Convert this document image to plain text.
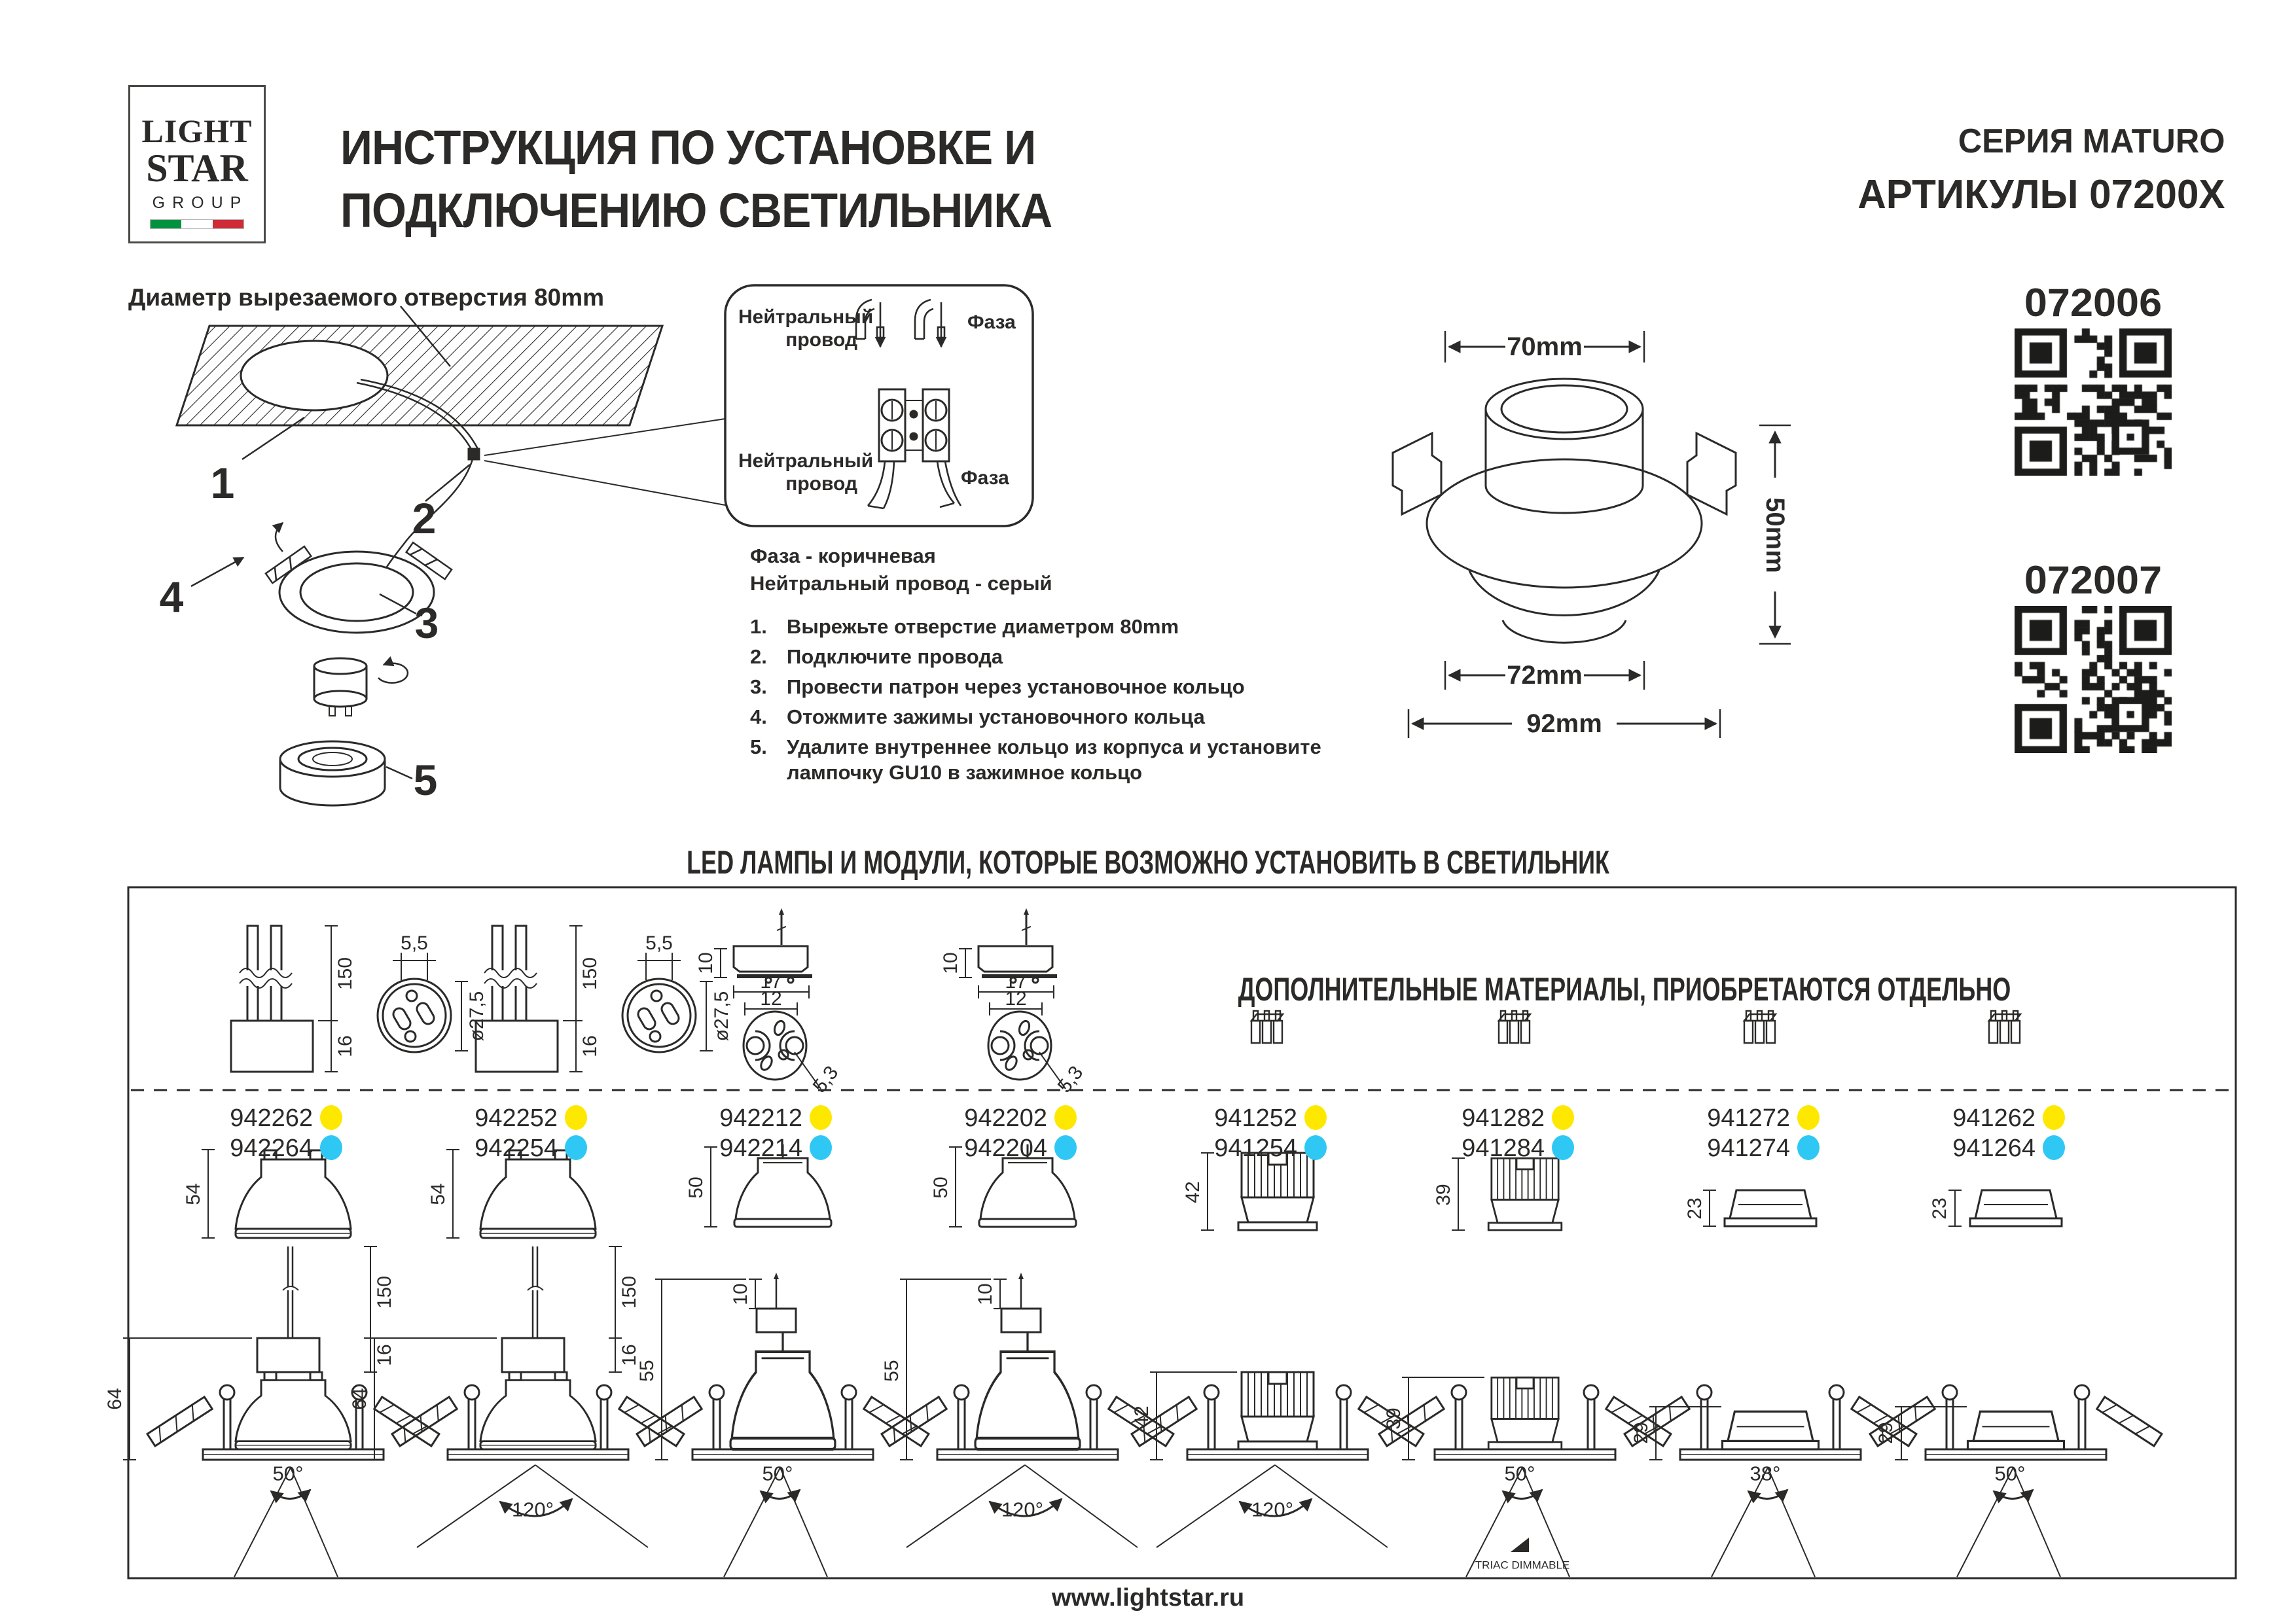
LIGHT
STAR
GROUP
ИНСТРУКЦИЯ ПО УСТАНОВКЕ И
ПОДКЛЮЧЕНИЮ СВЕТИЛЬНИКА
СЕРИЯ MATURO
АРТИКУЛЫ 07200X
Диаметр вырезаемого отверстия 80mm
1
2
3
4
5
Нейтральный провод
Фаза
Нейтральный провод	Фаза
Фаза - коричневая
Нейтральный провод - серый
1. Вырежьте отверстие диаметром 80mm
2. Подключите провода
3. Провести патрон через установочное кольцо
4. Отожмите зажимы установочного кольца
5. Удалите внутреннее кольцо из корпуса и установите лампочку GU10 в зажимное кольцо
70mm
50mm
72mm
92mm
072006
072007
LED ЛАМПЫ И МОДУЛИ, КОТОРЫЕ ВОЗМОЖНО УСТАНОВИТЬ В СВЕТИЛЬНИК
ДОПОЛНИТЕЛЬНЫЕ МАТЕРИАЛЫ, ПРИОБРЕТАЮТСЯ ОТДЕЛЬНО
942262
942264
942252
942254
942212
942214
942202
942204
941252
941254
941282
941284
941272
941274
941262
941264
150
16
5,5
ø27,5
54
150
16
64
50°
150
16
5,5
ø27,5
54
150
16
64
120°
10
17
12
5,3
50
10
55
50°
10
17
12
5,3
50
10
55
120°
42
42
120°
39
39
50°
TRIAC DIMMABLE
23
29
38°
23
29
50°
www.lightstar.ru
